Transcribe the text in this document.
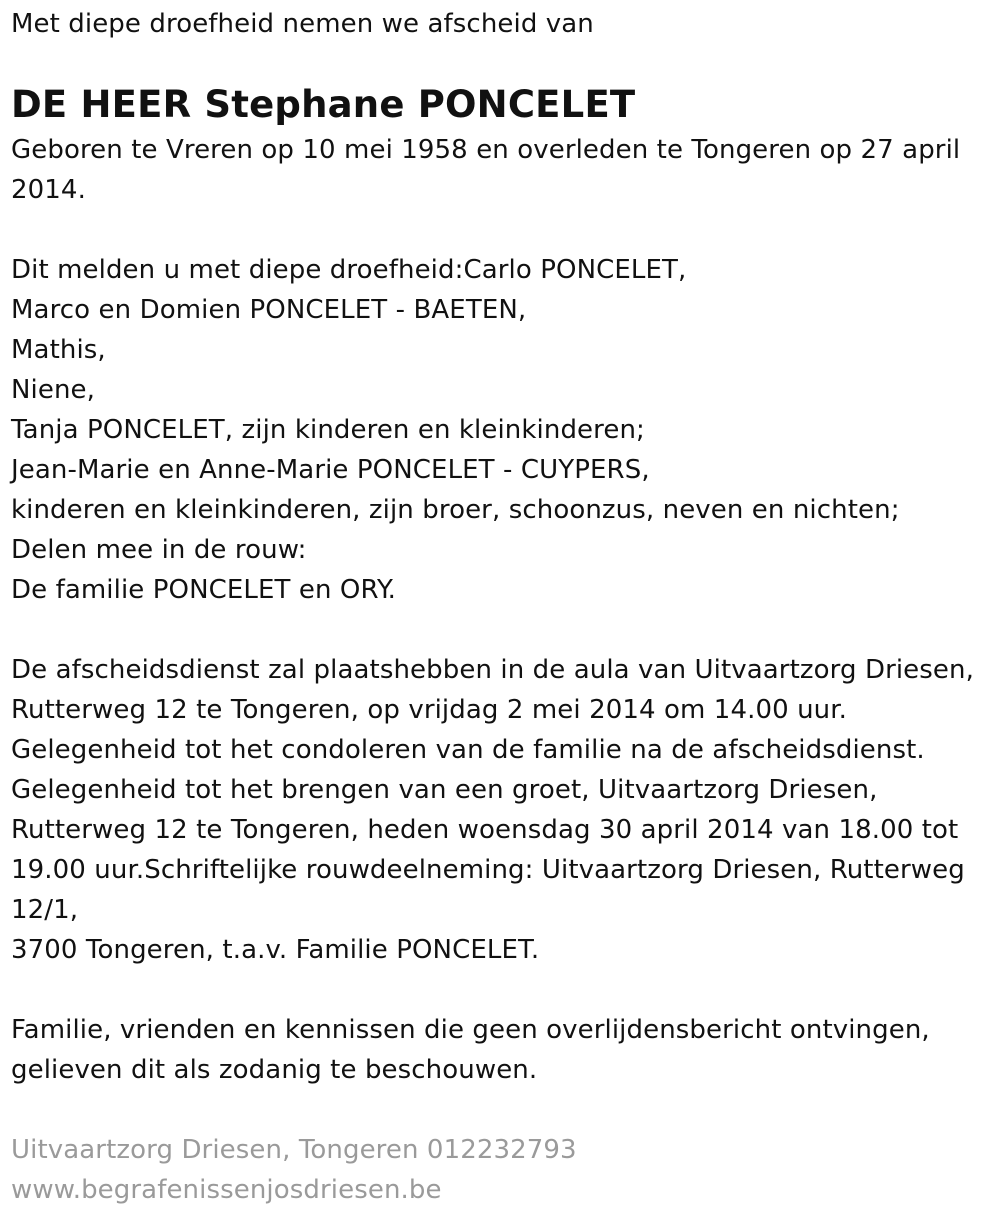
Met diepe droefheid nemen we afscheid van
DE HEER Stephane PONCELET
Geboren te Vreren op 10 mei 1958 en overleden te Tongeren op 27 april
2014.
Dit melden u met diepe droefheid:Carlo PONCELET,
Marco en Domien PONCELET - BAETEN,
Mathis,
Niene,
Tanja PONCELET, zijn kinderen en kleinkinderen;
Jean-Marie en Anne-Marie PONCELET - CUYPERS,
kinderen en kleinkinderen, zijn broer, schoonzus, neven en nichten;
Delen mee in de rouw:
De familie PONCELET en ORY.
De afscheidsdienst zal plaatshebben in de aula van Uitvaartzorg Driesen,
Rutterweg 12 te Tongeren, op vrijdag 2 mei 2014 om 14.00 uur.
Gelegenheid tot het condoleren van de familie na de afscheidsdienst.
Gelegenheid tot het brengen van een groet, Uitvaartzorg Driesen,
Rutterweg 12 te Tongeren, heden woensdag 30 april 2014 van 18.00 tot
19.00 uur.Schriftelijke rouwdeelneming: Uitvaartzorg Driesen, Rutterweg
12/1,
3700 Tongeren, t.a.v. Familie PONCELET.
Familie, vrienden en kennissen die geen overlijdensbericht ontvingen,
gelieven dit als zodanig te beschouwen.
Uitvaartzorg Driesen, Tongeren 012232793
www.begrafenissenjosdriesen.be
